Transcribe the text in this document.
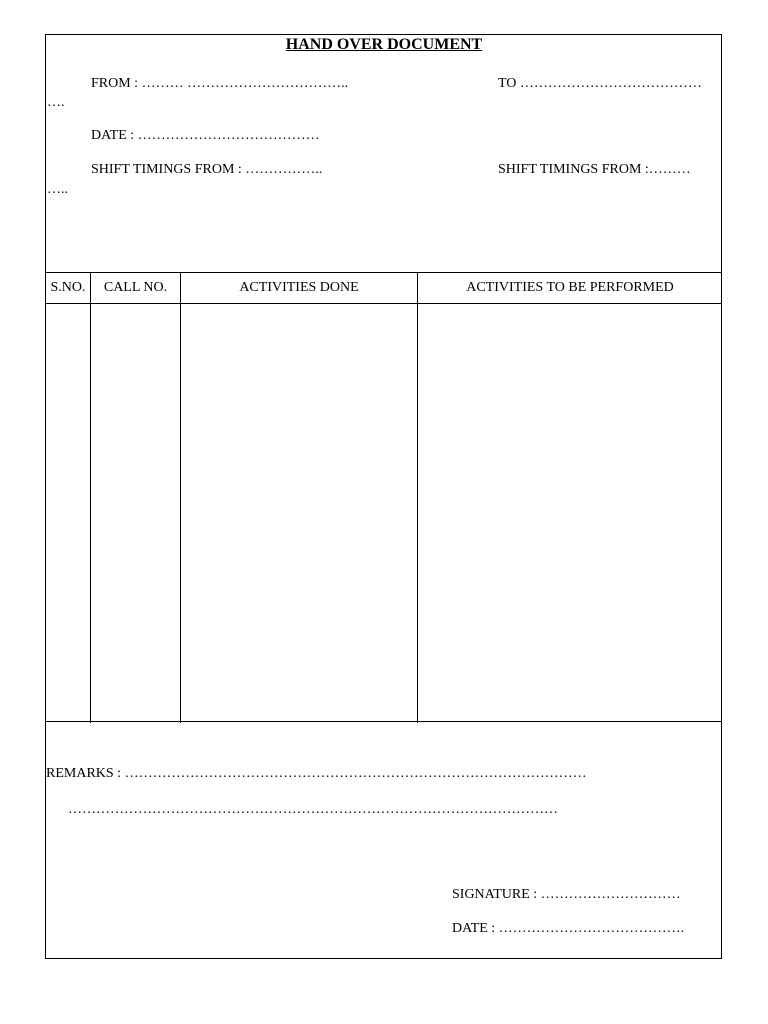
HAND OVER DOCUMENT
FROM : ……… ……………………………..	TO …………………………………
….
DATE : …………………………………
SHIFT TIMINGS FROM : ……………..	SHIFT TIMINGS FROM :………
…..
S.NO.	CALL NO.	ACTIVITIES DONE	ACTIVITIES TO BE PERFORMED
REMARKS : ………………………………………………………………………………………
……………………………………………………………………………………………
SIGNATURE : …………………………
DATE : ………………………………….
